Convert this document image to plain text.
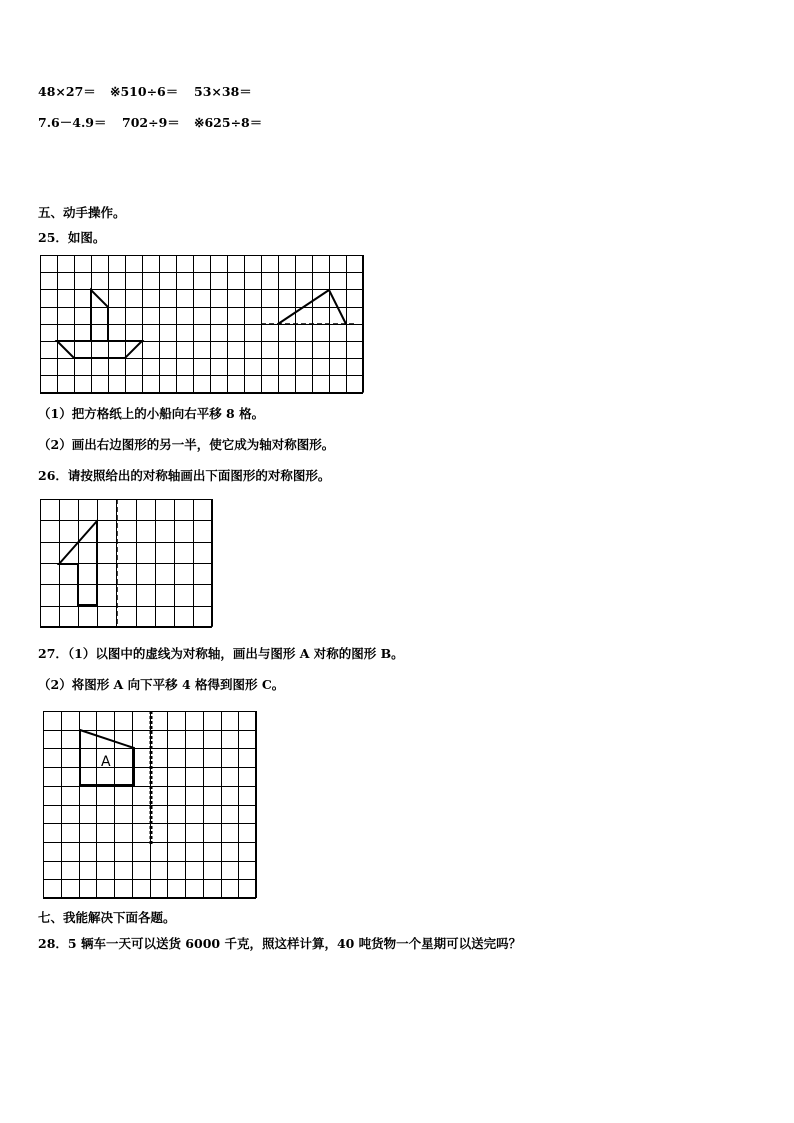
48×27＝ ※510÷6＝ 53×38＝
7.6－4.9＝ 702÷9＝ ※625÷8＝
五、动手操作。
25．如图。
（1）把方格纸上的小船向右平移 8 格。
（2）画出右边图形的另一半，使它成为轴对称图形。
26．请按照给出的对称轴画出下面图形的对称图形。
27．（1）以图中的虚线为对称轴，画出与图形 A 对称的图形 B。
（2）将图形 A 向下平移 4 格得到图形 C。
A
七、我能解决下面各题。
28．5 辆车一天可以送货 6000 千克，照这样计算，40 吨货物一个星期可以送完吗？
